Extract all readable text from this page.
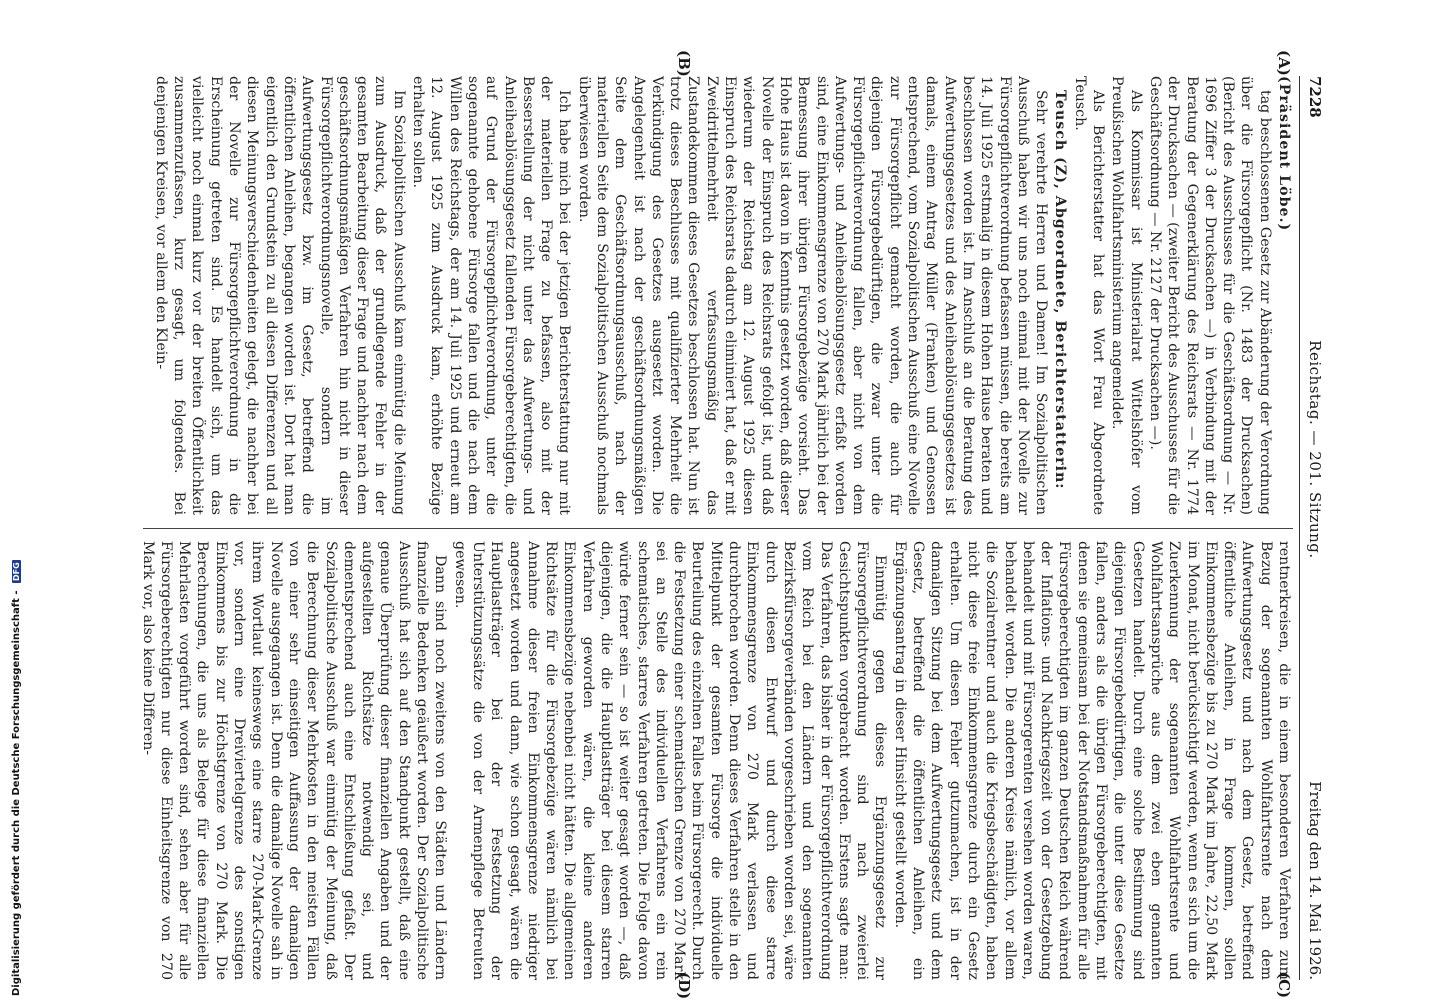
Digitalisierung gefördert durch die Deutsche Forschungsgemeinschaft - DFG
7228
Reichstag. — 201. Sitzung.
Freitag den 14. Mai 1926.
(A)
(B)
(C)
(D)

(Präsident Löbe.)

tag beschlossenen Gesetz zur Abänderung der Verordnung über die Fürsorgepflicht (Nr. 1483 der Drucksachen) (Bericht des Ausschusses für die Geschäftsordnung — Nr. 1696 Ziffer 3 der Drucksachen —) in Verbindung mit der Beratung der Gegenerklärung des Reichsrats — Nr. 1774 der Drucksachen — (zweiter Bericht des Ausschusses für die Geschäftsordnung — Nr. 2127 der Drucksachen —).

Als Kommissar ist Ministerialrat Wittelshöfer vom Preußischen Wohlfahrtsministerium angemeldet.

Als Berichterstatter hat das Wort Frau Abgeordnete Teusch.

Teusch (Z), Abgeordnete, Berichterstatterin:

Sehr verehrte Herren und Damen! Im Sozialpolitischen Ausschuß haben wir uns noch einmal mit der Novelle zur Fürsorgepflichtverordnung befassen müssen, die bereits am 14. Juli 1925 erstmalig in diesem Hohen Hause beraten und beschlossen worden ist. Im Anschluß an die Beratung des Aufwertungsgesetzes und des Anleiheablösungsgesetzes ist damals, einem Antrag Müller (Franken) und Genossen entsprechend, vom Sozialpolitischen Ausschuß eine Novelle zur Fürsorgepflicht gemacht worden, die auch für diejenigen Fürsorgebedürftigen, die zwar unter die Fürsorgepflichtverordnung fallen, aber nicht von dem Aufwertungs- und Anleiheablösungsgesetz erfaßt worden sind, eine Einkommensgrenze von 270 Mark jährlich bei der Bemessung ihrer übrigen Fürsorgebezüge vorsieht. Das Hohe Haus ist davon in Kenntnis gesetzt worden, daß dieser Novelle der Einspruch des Reichsrats gefolgt ist, und daß wiederum der Reichstag am 12. August 1925 diesen Einspruch des Reichsrats dadurch eliminiert hat, daß er mit Zweidrittelmehrheit verfassungsmäßig das Zustandekommen dieses Gesetzes beschlossen hat. Nun ist trotz dieses Beschlusses mit qualifizierter Mehrheit die Verkündigung des Gesetzes ausgesetzt worden. Die Angelegenheit ist nach der geschäftsordnungsmäßigen Seite dem Geschäftsordnungsausschuß, nach der materiellen Seite dem Sozialpolitischen Ausschuß nochmals überwiesen worden.

Ich habe mich bei der jetzigen Berichterstattung nur mit der materiellen Frage zu befassen, also mit der Besserstellung der nicht unter das Aufwertungs- und Anleiheablösungsgesetz fallenden Fürsorgeberechtigten, die auf Grund der Fürsorgepflichtverordnung, unter die sogenannte gehobene Fürsorge fallen und die nach dem Willen des Reichstags, der am 14. Juli 1925 und erneut am 12. August 1925 zum Ausdruck kam, erhöhte Bezüge erhalten sollen.

Im Sozialpolitischen Ausschuß kam einmütig die Meinung zum Ausdruck, daß der grundlegende Fehler in der gesamten Bearbeitung dieser Frage und nachher nach dem geschäftsordnungsmäßigen Verfahren hin nicht in dieser Fürsorgepflichtverordnungsnovelle, sondern im Aufwertungsgesetz bzw. im Gesetz, betreffend die öffentlichen Anleihen, begangen worden ist. Dort hat man eigentlich den Grundstein zu all diesen Differenzen und all diesen Meinungsverschiedenheiten gelegt, die nachher bei der Novelle zur Fürsorgepflichtverordnung in die Erscheinung getreten sind. Es handelt sich, um das vielleicht noch einmal kurz vor der breiten Öffentlichkeit zusammenzufassen, kurz gesagt, um folgendes. Bei denjenigen Kreisen, vor allem den Klein-

rentnerkreisen, die in einem besonderen Verfahren zum Bezug der sogenannten Wohlfahrtsrente nach dem Aufwertungsgesetz und nach dem Gesetz, betreffend öffentliche Anleihen, in Frage kommen, sollen Einkommensbezüge bis zu 270 Mark im Jahre, 22,50 Mark im Monat, nicht berücksichtigt werden, wenn es sich um die Zuerkennung der sogenannten Wohlfahrtsrente und Wohlfahrtsansprüche aus dem zwei eben genannten Gesetzen handelt. Durch eine solche Bestimmung sind diejenigen Fürsorgebedürftigen, die unter diese Gesetze fallen, anders als die übrigen Fürsorgeberechtigten, mit denen sie gemeinsam bei der Notstandsmaßnahmen für alle Fürsorgeberechtigten im ganzen Deutschen Reich während der Inflations- und Nachkriegszeit von der Gesetzgebung behandelt und mit Fürsorgerenten versehen worden waren, behandelt worden. Die anderen Kreise nämlich, vor allem die Sozialrentner und auch die Kriegsbeschädigten, haben nicht diese freie Einkommensgrenze durch ein Gesetz erhalten. Um diesen Fehler gutzumachen, ist in der damaligen Sitzung bei dem Aufwertungsgesetz und dem Gesetz, betreffend die öffentlichen Anleihen, ein Ergänzungsantrag in dieser Hinsicht gestellt worden.

Einmütig gegen dieses Ergänzungsgesetz zur Fürsorgepflichtverordnung sind nach zweierlei Gesichtspunkten vorgebracht worden. Erstens sagte man: Das Verfahren, das bisher in der Fürsorgepflichtverordnung vom Reich bei den Ländern und den sogenannten Bezirksfürsorgeverbänden vorgeschrieben worden sei, wäre durch diesen Entwurf und durch diese starre Einkommensgrenze von 270 Mark verlassen und durchbrochen worden. Denn dieses Verfahren stelle in den Mittelpunkt der gesamten Fürsorge die individuelle Beurteilung des einzelnen Falles beim Fürsorgerecht. Durch die Festsetzung einer schematischen Grenze von 270 Mark sei an Stelle des individuellen Verfahrens ein rein schematisches, starres Verfahren getreten. Die Folge davon würde ferner sein — so ist weiter gesagt worden —, daß diejenigen, die die Hauptlastträger bei diesem starren Verfahren geworden wären, die kleine anderen Einkommensbezüge nebenbei nicht hätten. Die allgemeinen Richtsätze für die Fürsorgebezüge wären nämlich bei Annahme dieser freien Einkommensgrenze niedriger angesetzt worden und dann, wie schon gesagt, wären die Hauptlastträger bei der Festsetzung der Unterstützungssätze die von der Armenpflege Betreuten gewesen.

Dann sind noch zweitens von den Städten und Ländern finanzielle Bedenken geäußert worden. Der Sozialpolitische Ausschuß hat sich auf den Standpunkt gestellt, daß eine genaue Überprüfung dieser finanziellen Angaben und der aufgestellten Richtsätze notwendig sei, und dementsprechend auch eine Entschließung gefaßt. Der Sozialpolitische Ausschuß war einmütig der Meinung, daß die Berechnung dieser Mehrkosten in den meisten Fällen von einer sehr einseitigen Auffassung der damaligen Novelle ausgegangen ist. Denn die damalige Novelle sah in ihrem Wortlaut keineswegs eine starre 270-Mark-Grenze vor, sondern eine Dreiviertelgrenze des sonstigen Einkommens bis zur Höchstgrenze von 270 Mark. Die Berechnungen, die uns als Belege für diese finanziellen Mehrlasten vorgeführt worden sind, sehen aber für alle Fürsorgeberechtigten nur diese Einheitsgrenze von 270 Mark vor, also keine Differen-
